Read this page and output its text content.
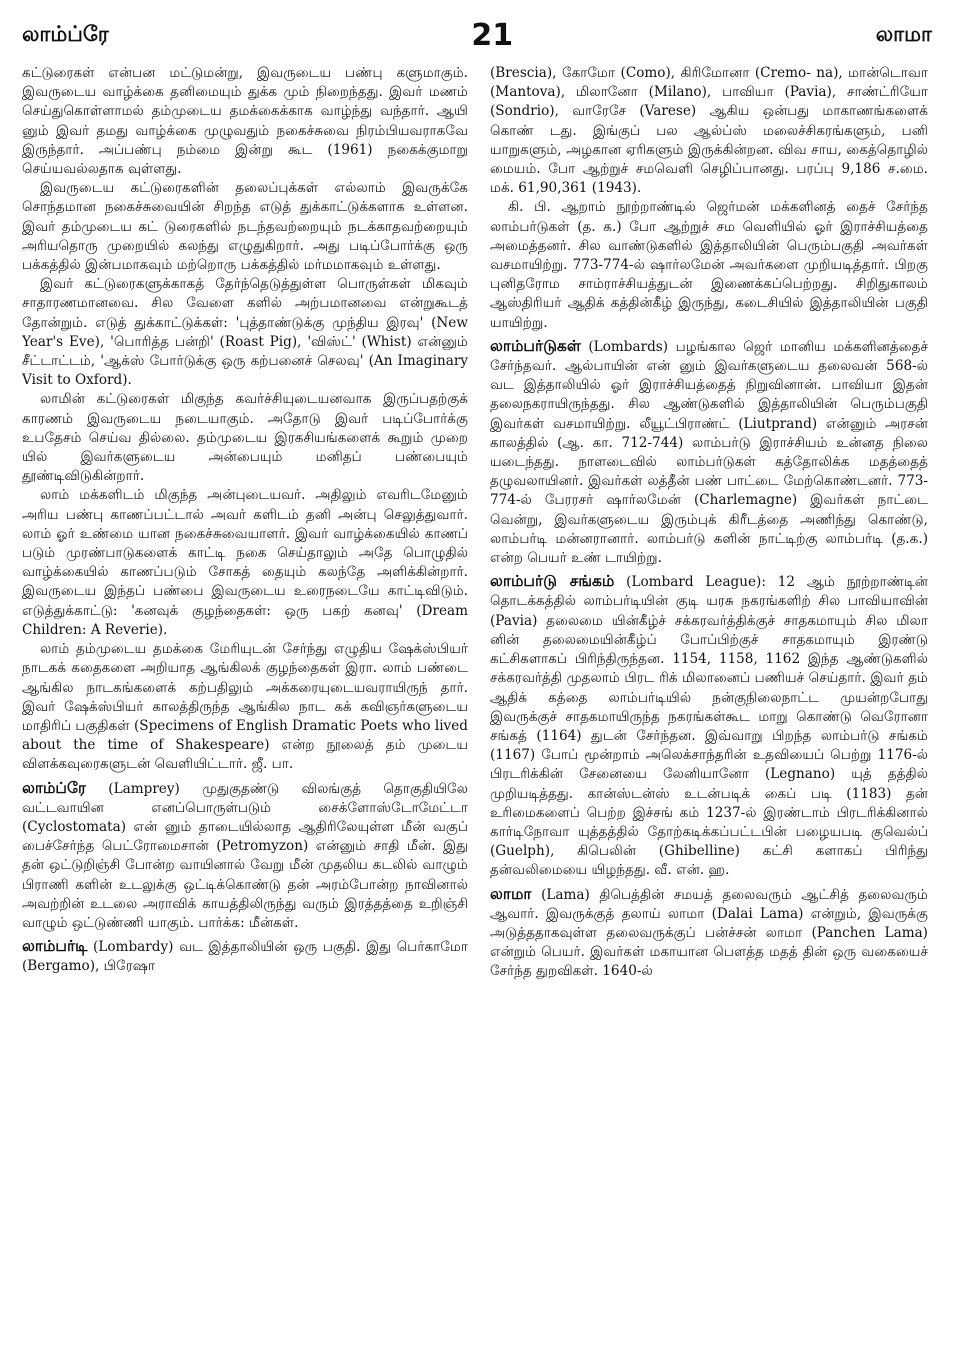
லாம்ப்ரே	21	லாமா

கட்டுரைகள் என்பன மட்டுமன்று, இவருடைய பண்பு களுமாகும். இவருடைய வாழ்க்கை தனிமையும் துக்க மும் நிறைந்தது. இவர் மணம் செய்துகொள்ளாமல் தம்முடைய தமக்கைக்காக வாழ்ந்து வந்தார். ஆயி னும் இவர் தமது வாழ்க்கை முழுவதும் நகைச்சுவை நிரம்பியவராகவே இருந்தார். அப்பண்பு நம்மை இன்று கூட (1961) நகைக்குமாறு செய்யவல்லதாக வுள்ளது.

இவருடைய கட்டுரைகளின் தலைப்புக்கள் எல்லாம் இவருக்கே சொந்தமான நகைச்சுவையின் சிறந்த எடுத் துக்காட்டுக்களாக உள்ளன. இவர் தம்முடைய கட் டுரைகளில் நடந்தவற்றையும் நடக்காதவற்றையும் அரியதொரு முறையில் கலந்து எழுதுகிறார். அது படிப்போர்க்கு ஒரு பக்கத்தில் இன்பமாகவும் மற்றொரு பக்கத்தில் மர்மமாகவும் உள்ளது.

இவர் கட்டுரைகளுக்காகத் தேர்ந்தெடுத்துள்ள பொருள்கள் மிகவும் சாதாரணமானவை. சில வேளை களில் அற்பமானவை என்றுகூடத் தோன்றும். எடுத் துக்காட்டுக்கள்: 'புத்தாண்டுக்கு முந்திய இரவு' (New Year's Eve), 'பொரித்த பன்றி' (Roast Pig), 'விஸ்ட்' (Whist) என்னும் சீட்டாட்டம், 'ஆக்ஸ் போர்டுக்கு ஒரு கற்பனைச் செலவு' (An Imaginary Visit to Oxford).

லாமின் கட்டுரைகள் மிகுந்த கவர்ச்சியுடையனவாக இருப்பதற்குக் காரணம் இவருடைய நடையாகும். அதோடு இவர் படிப்போர்க்கு உபதேசம் செய்வ தில்லை. தம்முடைய இரகசியங்களைக் கூறும் முறை யில் இவர்களுடைய அன்பையும் மனிதப் பண்பையும் தூண்டிவிடுகின்றார்.

லாம் மக்களிடம் மிகுந்த அன்புடையவர். அதிலும் எவரிடமேனும் அரிய பண்பு காணப்பட்டால் அவர் களிடம் தனி அன்பு செலுத்துவார். லாம் ஓர் உண்மை யான நகைச்சுவையாளர். இவர் வாழ்க்கையில் காணப் படும் முரண்பாடுகளைக் காட்டி நகை செய்தாலும் அதே பொழுதில் வாழ்க்கையில் காணப்படும் சோகத் தையும் கலந்தே அளிக்கின்றார். இவருடைய இந்தப் பண்பை இவருடைய உரைநடையே காட்டிவிடும். எடுத்துக்காட்டு: 'கனவுக் குழந்தைகள்: ஒரு பகற் கனவு' (Dream Children: A Reverie).

லாம் தம்முடைய தமக்கை மேரியுடன் சேர்ந்து எழுதிய ஷேக்ஸ்பியர் நாடகக் கதைகளை அறியாத ஆங்கிலக் குழந்தைகள் இரா. லாம் பண்டை ஆங்கில நாடகங்களைக் கற்பதிலும் அக்கரையுடையவராயிருந் தார். இவர் ஷேக்ஸ்பியர் காலத்திருந்த ஆங்கில நாட கக் கவிஞர்களுடைய மாதிரிப் பகுதிகள் (Specimens of English Dramatic Poets who lived about the time of Shakespeare) என்ற நூலைத் தம் முடைய விளக்கவுரைகளுடன் வெளியிட்டார். ஜீ. பா.

லாம்ப்ரே (Lamprey) முதுகுதண்டு விலங்குத் தொகுதியிலே வட்டவாயின எனப்பொருள்படும் சைக்ளோஸ்டோமேட்டா (Cyclostomata) என் னும் தாடையில்லாத ஆதிரிலேயுள்ள மீன் வகுப் பைச்சேர்ந்த பெட்ரோமைசான் (Petromyzon) என்னும் சாதி மீன். இது தன் ஒட்டுறிஞ்சி போன்ற வாயினால் வேறு மீன் முதலிய கடலில் வாழும் பிராணி களின் உடலுக்கு ஒட்டிக்கொண்டு தன் அரம்போன்ற நாவினால் அவற்றின் உடலை அராவிக் காயத்திலிருந்து வரும் இரத்தத்தை உறிஞ்சி வாழும் ஒட்டுண்ணி யாகும். பார்க்க: மீன்கள்.

லாம்பர்டி (Lombardy) வட இத்தாலியின் ஒரு பகுதி. இது பெர்காமோ (Bergamo), பிரேஷா

(Brescia), கோமோ (Como), கிரிமோனா (Cremo- na), மான்டொவா (Mantova), மிலானோ (Milano), பாவியா (Pavia), சாண்ட்ரியோ (Sondrio), வாரேசே (Varese) ஆகிய ஒன்பது மாகாணங்களைக் கொண் டது. இங்குப் பல ஆல்ப்ஸ் மலைச்சிகரங்களும், பனி யாறுகளும், அழகான ஏரிகளும் இருக்கின்றன. விவ சாய, கைத்தொழில் மையம். போ ஆற்றுச் சமவெளி செழிப்பானது. பரப்பு 9,186 ச.மை. மக். 61,90,361 (1943).

கி. பி. ஆறாம் நூற்றாண்டில் ஜெர்மன் மக்களினத் தைச் சேர்ந்த லாம்பர்டுகள் (த. க.) போ ஆற்றுச் சம வெளியில் ஓர் இராச்சியத்தை அமைத்தனர். சில வாண்டுகளில் இத்தாலியின் பெரும்பகுதி அவர்கள் வசமாயிற்று. 773-774-ல் ஷார்லமேன் அவர்களை முறியடித்தார். பிறகு புனிதரோம சாம்ராச்சியத்துடன் இணைக்கப்பெற்றது. சிறிதுகாலம் ஆஸ்திரியர் ஆதிக் கத்தின்கீழ் இருந்து, கடைசியில் இத்தாலியின் பகுதி யாயிற்று.

லாம்பர்டுகள் (Lombards) பழங்கால ஜெர் மானிய மக்களினத்தைச் சேர்ந்தவர். ஆல்பாயின் என் னும் இவர்களுடைய தலைவன் 568-ல் வட இத்தாலியில் ஓர் இராச்சியத்தைத் நிறுவினான். பாவியா இதன் தலைநகராயிருந்தது. சில ஆண்டுகளில் இத்தாலியின் பெரும்பகுதி இவர்கள் வசமாயிற்று. லீயூட்பிராண்ட் (Liutprand) என்னும் அரசன் காலத்தில் (ஆ. கா. 712-744) லாம்பர்டு இராச்சியம் உன்னத நிலை யடைந்தது. நாளடைவில் லாம்பர்டுகள் கத்தோலிக்க மதத்தைத் தழுவலாயினர். இவர்கள் லத்தீன் பண் பாட்டை மேற்கொண்டனர். 773-774-ல் பேரரசர் ஷார்லமேன் (Charlemagne) இவர்கள் நாட்டை வென்று, இவர்களுடைய இரும்புக் கிரீடத்தை அணிந்து கொண்டு, லாம்பர்டி மன்னரானார். லாம்பர்டு களின் நாட்டிற்கு லாம்பர்டி (த.க.) என்ற பெயர் உண் டாயிற்று.

லாம்பர்டு சங்கம் (Lombard League): 12 ஆம் நூற்றாண்டின் தொடக்கத்தில் லாம்பர்டியின் குடி யரசு நகரங்களிற் சில பாவியாவின் (Pavia) தலைமை யின்கீழ்ச் சக்கரவர்த்திக்குச் சாதகமாயும் சில மிலா னின் தலைமையின்கீழ்ப் போப்பிற்குச் சாதகமாயும் இரண்டு கட்சிகளாகப் பிரிந்திருந்தன. 1154, 1158, 1162 இந்த ஆண்டுகளில் சக்கரவர்த்தி முதலாம் பிரட ரிக் மிலானைப் பணியச் செய்தார். இவர் தம் ஆதிக் கத்தை லாம்பர்டியில் நன்குநிலைநாட்ட முயன்றபோது இவருக்குச் சாதகமாயிருந்த நகரங்கள்கூட மாறு கொண்டு வெரோனா சங்கத் (1164) துடன் சேர்ந்தன. இவ்வாறு பிறந்த லாம்பர்டு சங்கம் (1167) போப் மூன்றாம் அலெக்சாந்தரின் உதவியைப் பெற்று 1176-ல் பிரடரிக்கின் சேனையை லேனியானோ (Legnano) யுத் தத்தில் முறியடித்தது. கான்ஸ்டன்ஸ் உடன்படிக் கைப் படி (1183) தன் உரிமைகளைப் பெற்ற இச்சங் கம் 1237-ல் இரண்டாம் பிரடரிக்கினால் கார்டிநோவா யுத்தத்தில் தோற்கடிக்கப்பட்டபின் பழையபடி குவெல்ப் (Guelph), கிபெலின் (Ghibelline) கட்சி களாகப் பிரிந்து தன்வலிமையை யிழந்தது. வீ. என். ஹ.

லாமா (Lama) திபெத்தின் சமயத் தலைவரும் ஆட்சித் தலைவரும் ஆவார். இவருக்குத் தலாய் லாமா (Dalai Lama) என்றும், இவருக்கு அடுத்ததாகவுள்ள தலைவருக்குப் பன்ச்சன் லாமா (Panchen Lama) என்றும் பெயர். இவர்கள் மகாயான பௌத்த மதத் தின் ஒரு வகையைச் சேர்ந்த துறவிகள். 1640-ல்
